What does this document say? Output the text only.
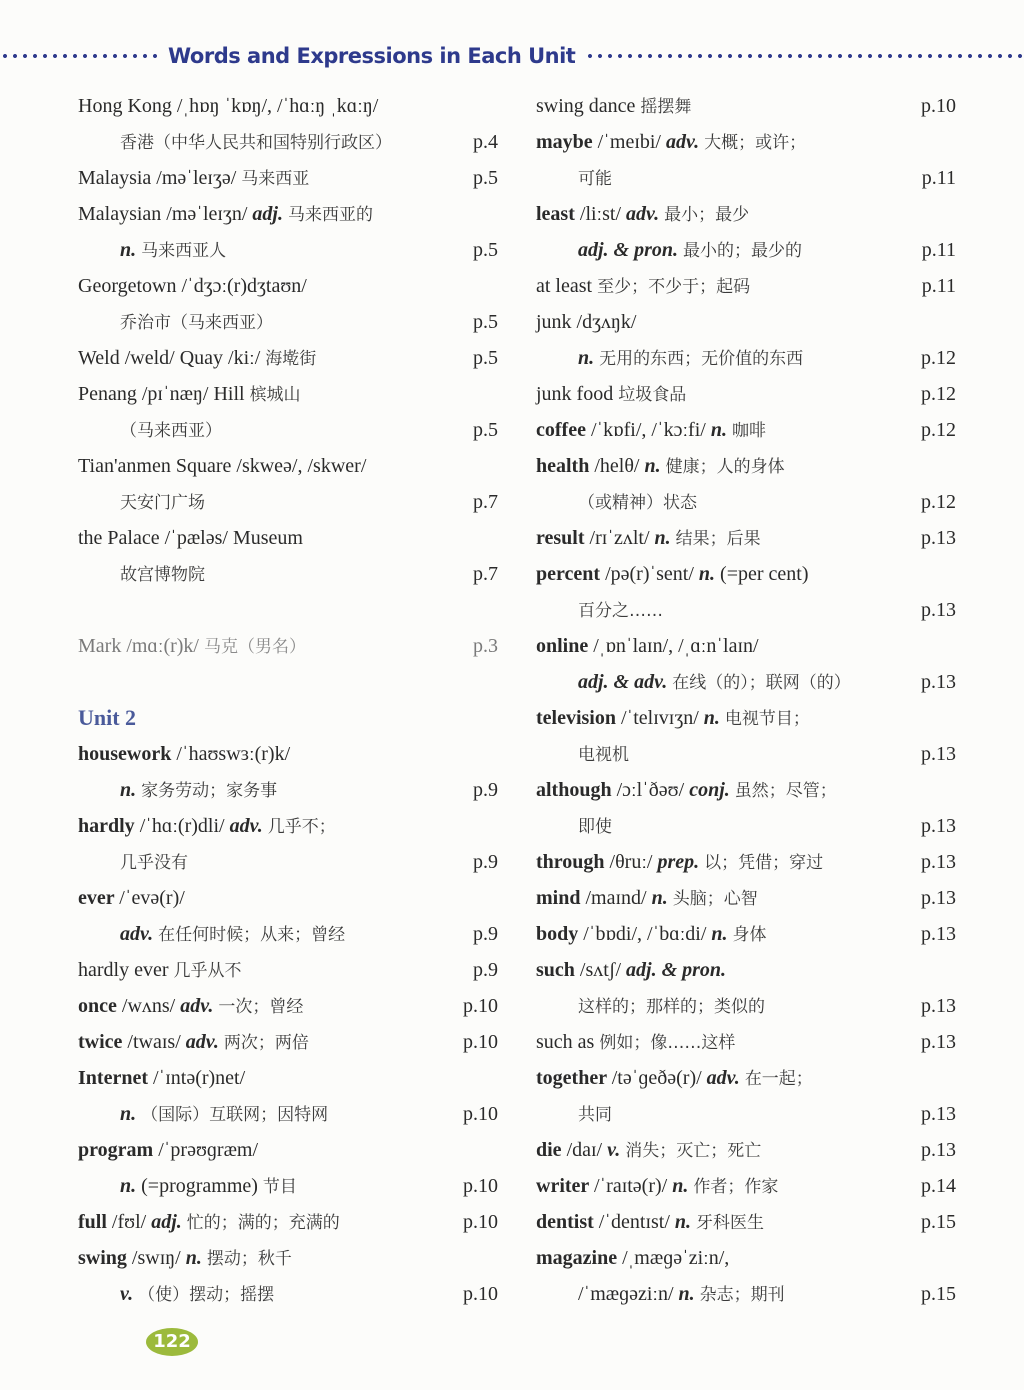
Words and Expressions in Each Unit
Hong Kong /ˌhɒŋ ˈkɒŋ/, /ˈhɑːŋ ˌkɑːŋ/
香港（中华人民共和国特别行政区）	p.4
Malaysia /məˈleɪʒə/ 马来西亚	p.5
Malaysian /məˈleɪʒn/ adj. 马来西亚的
n. 马来西亚人	p.5
Georgetown /ˈdʒɔː(r)dʒtaʊn/
乔治市（马来西亚）	p.5
Weld /weld/ Quay /kiː/ 海墘街	p.5
Penang /pɪˈnæŋ/ Hill 槟城山
（马来西亚）	p.5
Tian'anmen Square /skweə/, /skwer/
天安门广场	p.7
the Palace /ˈpæləs/ Museum
故宫博物院	p.7
Mark /mɑː(r)k/ 马克（男名）	p.3
Unit 2
housework /ˈhaʊswɜː(r)k/
n. 家务劳动；家务事	p.9
hardly /ˈhɑː(r)dli/ adv. 几乎不；
几乎没有	p.9
ever /ˈevə(r)/
adv. 在任何时候；从来；曾经	p.9
hardly ever 几乎从不	p.9
once /wʌns/ adv. 一次；曾经	p.10
twice /twaɪs/ adv. 两次；两倍	p.10
Internet /ˈɪntə(r)net/
n. （国际）互联网；因特网	p.10
program /ˈprəʊɡræm/
n. (=programme) 节目	p.10
full /fʊl/ adj. 忙的；满的；充满的	p.10
swing /swɪŋ/ n. 摆动；秋千
v. （使）摆动；摇摆	p.10
swing dance 摇摆舞	p.10
maybe /ˈmeɪbi/ adv. 大概；或许；
可能	p.11
least /liːst/ adv. 最小；最少
adj. & pron. 最小的；最少的	p.11
at least 至少；不少于；起码	p.11
junk /dʒʌŋk/
n. 无用的东西；无价值的东西	p.12
junk food 垃圾食品	p.12
coffee /ˈkɒfi/, /ˈkɔːfi/ n. 咖啡	p.12
health /helθ/ n. 健康；人的身体
（或精神）状态	p.12
result /rɪˈzʌlt/ n. 结果；后果	p.13
percent /pə(r)ˈsent/ n. (=per cent)
百分之……	p.13
online /ˌɒnˈlaɪn/, /ˌɑːnˈlaɪn/
adj. & adv. 在线（的）；联网（的）	p.13
television /ˈtelɪvɪʒn/ n. 电视节目；
电视机	p.13
although /ɔːlˈðəʊ/ conj. 虽然；尽管；
即使	p.13
through /θruː/ prep. 以；凭借；穿过	p.13
mind /maɪnd/ n. 头脑；心智	p.13
body /ˈbɒdi/, /ˈbɑːdi/ n. 身体	p.13
such /sʌtʃ/ adj. & pron.
这样的；那样的；类似的	p.13
such as 例如；像……这样	p.13
together /təˈɡeðə(r)/ adv. 在一起；
共同	p.13
die /daɪ/ v. 消失；灭亡；死亡	p.13
writer /ˈraɪtə(r)/ n. 作者；作家	p.14
dentist /ˈdentɪst/ n. 牙科医生	p.15
magazine /ˌmæɡəˈziːn/,
/ˈmæɡəziːn/ n. 杂志；期刊	p.15
122
